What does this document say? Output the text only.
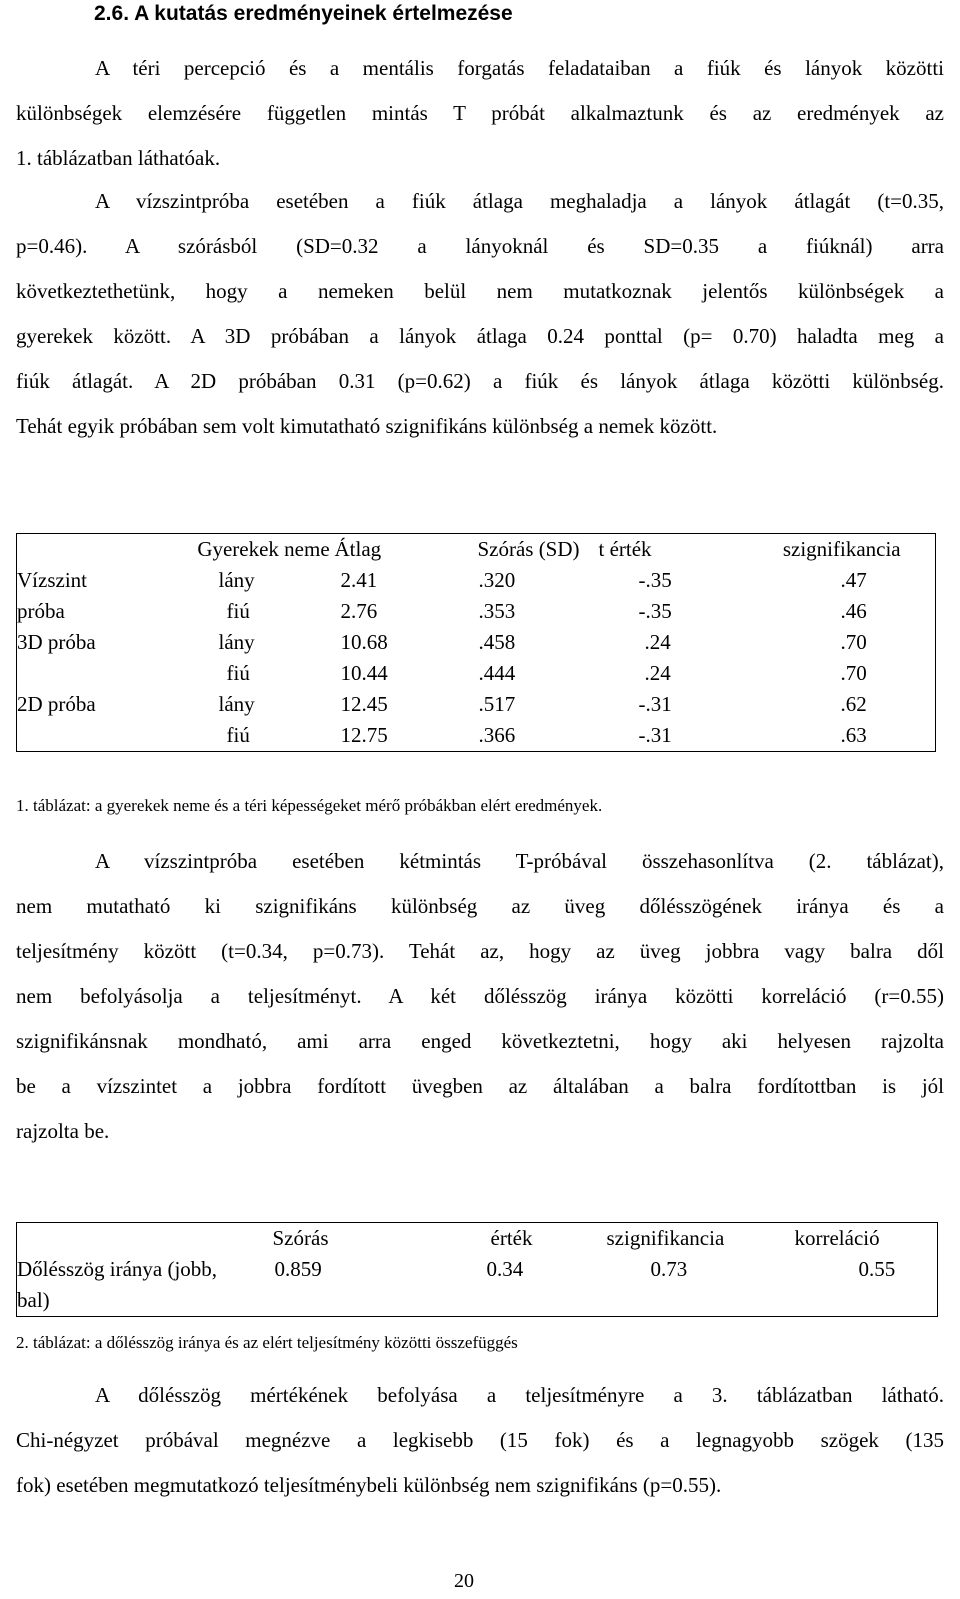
2.6. A kutatás eredményeinek értelmezése

A téri percepció és a mentális forgatás feladataiban a fiúk és lányok közötti

különbségek elemzésére független mintás T próbát alkalmaztunk és az eredmények az

1. táblázatban láthatóak.

A vízszintpróba esetében a fiúk átlaga meghaladja a lányok átlagát (t=0.35,

p=0.46). A szórásból (SD=0.32 a lányoknál és SD=0.35 a fiúknál) arra

következtethetünk, hogy a nemeken belül nem mutatkoznak jelentős különbségek a

gyerekek között. A 3D próbában a lányok átlaga 0.24 ponttal (p= 0.70) haladta meg a

fiúk átlagát. A 2D próbában 0.31 (p=0.62) a fiúk és lányok átlaga közötti különbség.

Tehát egyik próbában sem volt kimutatható szignifikáns különbség a nemek között.

	Gyerekek neme	Átlag	Szórás (SD)	t érték	szignifikancia
Vízszint	lány	2.41	.320	-.35	.47
próba	fiú	2.76	.353	-.35	.46
3D próba	lány	10.68	.458	.24	.70
	fiú	10.44	.444	.24	.70
2D próba	lány	12.45	.517	-.31	.62
	fiú	12.75	.366	-.31	.63
1. táblázat: a gyerekek neme és a téri képességeket mérő próbákban elért eredmények.

A vízszintpróba esetében kétmintás T-próbával összehasonlítva (2. táblázat),

nem mutatható ki szignifikáns különbség az üveg dőlésszögének iránya és a

teljesítmény között (t=0.34, p=0.73). Tehát az, hogy az üveg jobbra vagy balra dől

nem befolyásolja a teljesítményt. A két dőlésszög iránya közötti korreláció (r=0.55)

szignifikánsnak mondható, ami arra enged következtetni, hogy aki helyesen rajzolta

be a vízszintet a jobbra fordított üvegben az általában a balra fordítottban is jól

rajzolta be.

	Szórás	érték	szignifikancia	korreláció
Dőlésszög iránya (jobb, bal)	0.859	0.34	0.73	0.55
2. táblázat: a dőlésszög iránya és az elért teljesítmény közötti összefüggés

A dőlésszög mértékének befolyása a teljesítményre a 3. táblázatban látható.

Chi-négyzet próbával megnézve a legkisebb (15 fok) és a legnagyobb szögek (135

fok) esetében megmutatkozó teljesítménybeli különbség nem szignifikáns (p=0.55).

20
